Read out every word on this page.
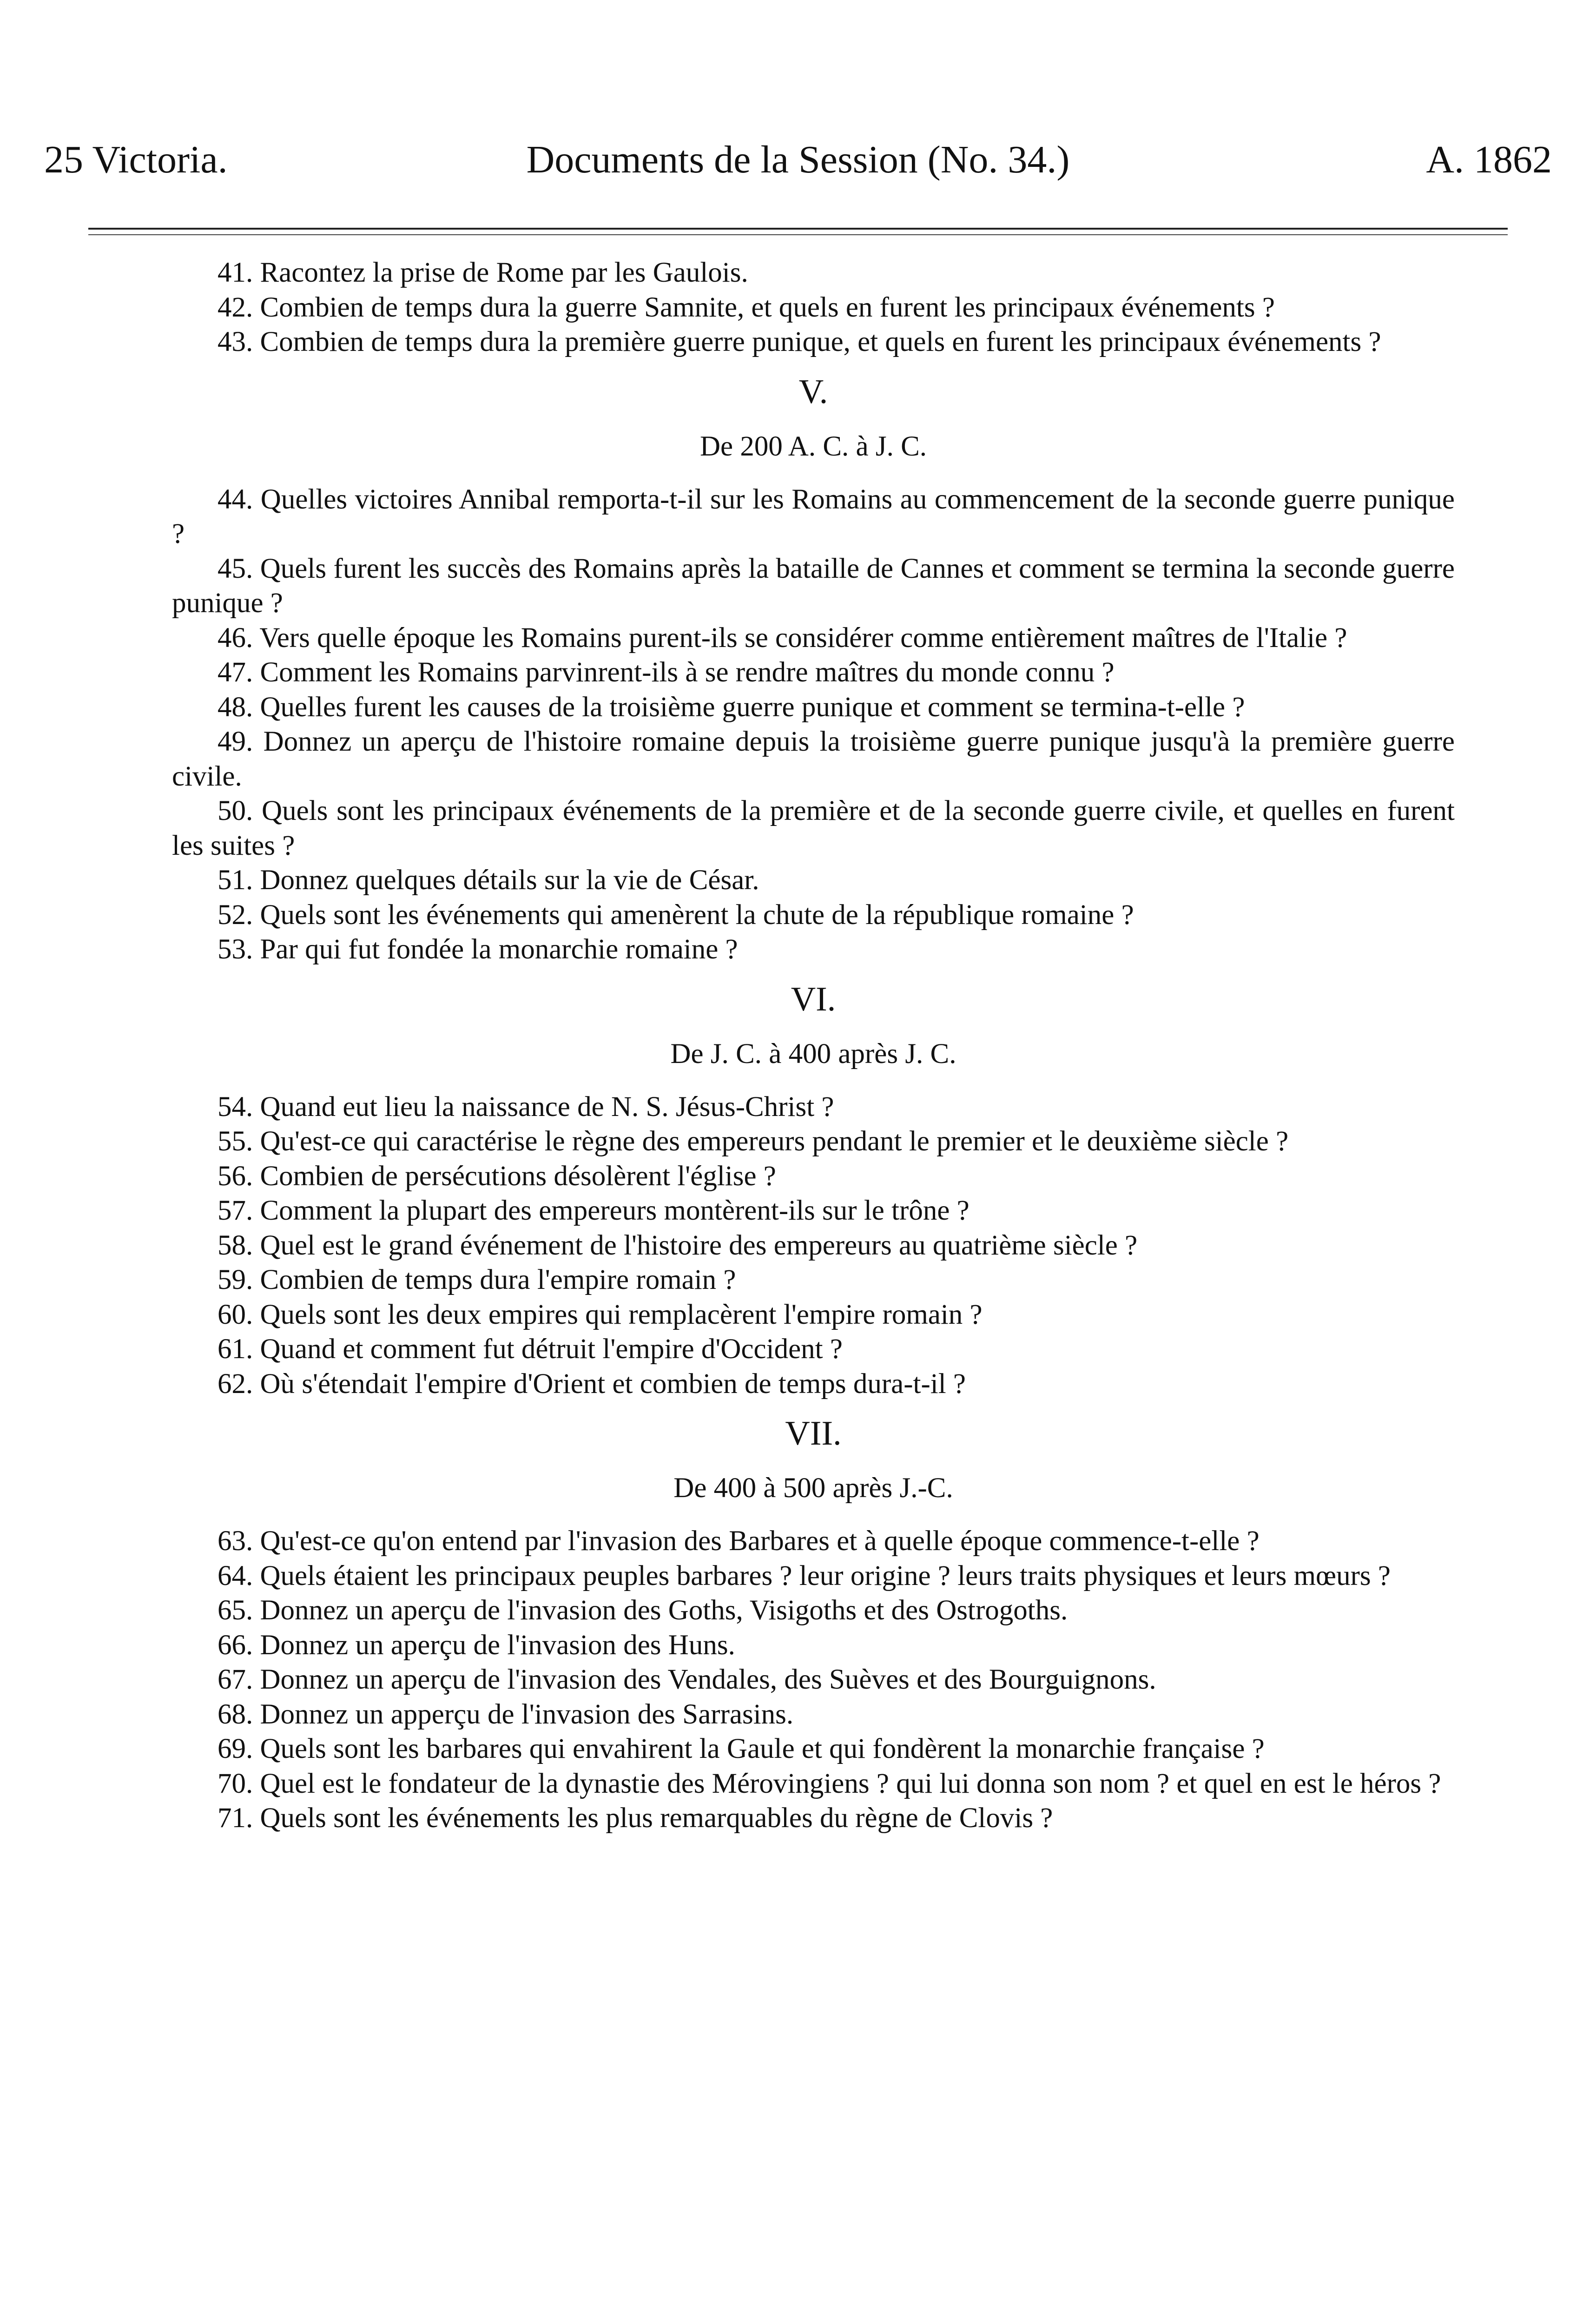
25 Victoria.	Documents de la Session (No. 34.)	A. 1862

41. Racontez la prise de Rome par les Gaulois.

42. Combien de temps dura la guerre Samnite, et quels en furent les principaux événements ?

43. Combien de temps dura la première guerre punique, et quels en furent les principaux événements ?

V.
De 200 A. C. à J. C.

44. Quelles victoires Annibal remporta-t-il sur les Romains au commencement de la seconde guerre punique ?

45. Quels furent les succès des Romains après la bataille de Cannes et comment se termina la seconde guerre punique ?

46. Vers quelle époque les Romains purent-ils se considérer comme entièrement maîtres de l'Italie ?

47. Comment les Romains parvinrent-ils à se rendre maîtres du monde connu ?

48. Quelles furent les causes de la troisième guerre punique et comment se termina-t-elle ?

49. Donnez un aperçu de l'histoire romaine depuis la troisième guerre punique jusqu'à la première guerre civile.

50. Quels sont les principaux événements de la première et de la seconde guerre civile, et quelles en furent les suites ?

51. Donnez quelques détails sur la vie de César.

52. Quels sont les événements qui amenèrent la chute de la république romaine ?

53. Par qui fut fondée la monarchie romaine ?

VI.
De J. C. à 400 après J. C.

54. Quand eut lieu la naissance de N. S. Jésus-Christ ?

55. Qu'est-ce qui caractérise le règne des empereurs pendant le premier et le deuxième siècle ?

56. Combien de persécutions désolèrent l'église ?

57. Comment la plupart des empereurs montèrent-ils sur le trône ?

58. Quel est le grand événement de l'histoire des empereurs au quatrième siècle ?

59. Combien de temps dura l'empire romain ?

60. Quels sont les deux empires qui remplacèrent l'empire romain ?

61. Quand et comment fut détruit l'empire d'Occident ?

62. Où s'étendait l'empire d'Orient et combien de temps dura-t-il ?

VII.
De 400 à 500 après J.-C.

63. Qu'est-ce qu'on entend par l'invasion des Barbares et à quelle époque commence-t-elle ?

64. Quels étaient les principaux peuples barbares ? leur origine ? leurs traits physiques et leurs mœurs ?

65. Donnez un aperçu de l'invasion des Goths, Visigoths et des Ostrogoths.

66. Donnez un aperçu de l'invasion des Huns.

67. Donnez un aperçu de l'invasion des Vendales, des Suèves et des Bourguignons.

68. Donnez un apperçu de l'invasion des Sarrasins.

69. Quels sont les barbares qui envahirent la Gaule et qui fondèrent la monarchie française ?

70. Quel est le fondateur de la dynastie des Mérovingiens ? qui lui donna son nom ? et quel en est le héros ?

71. Quels sont les événements les plus remarquables du règne de Clovis ?
